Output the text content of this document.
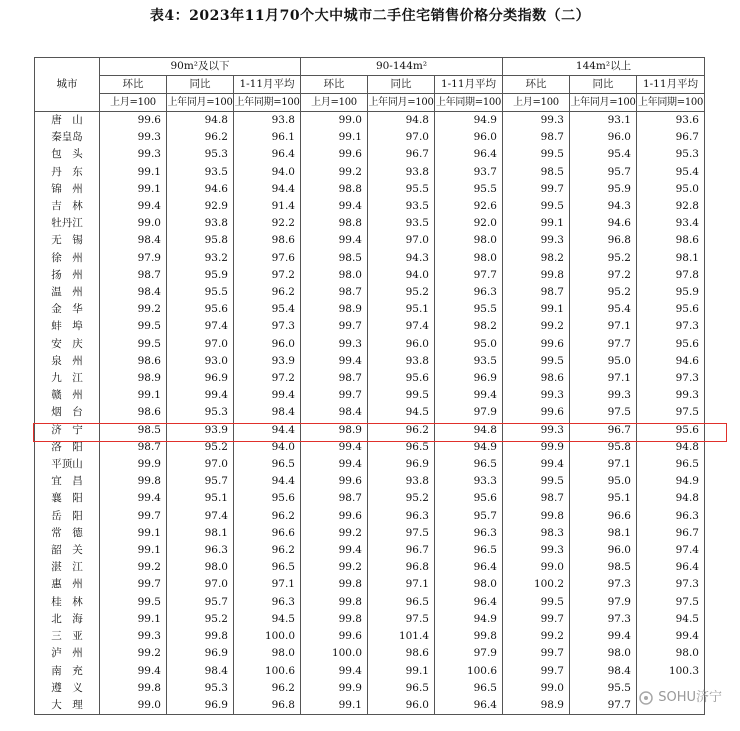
表4：2023年11月70个大中城市二手住宅销售价格分类指数（二）
城市	90m²及以下			90-144m²			144m²以上		
	环比	同比	1-11月平均	环比	同比	1-11月平均	环比	同比	1-11月平均
	上月=100	上年同月=100	上年同期=100	上月=100	上年同月=100	上年同期=100	上月=100	上年同月=100	上年同期=100
唐　山	99.6	94.8	93.8	99.0	94.8	94.9	99.3	93.1	93.6
秦皇岛	99.3	96.2	96.1	99.1	97.0	96.0	98.7	96.0	96.7
包　头	99.3	95.3	96.4	99.6	96.7	96.4	99.5	95.4	95.3
丹　东	99.1	93.5	94.0	99.2	93.8	93.7	98.5	95.7	95.4
锦　州	99.1	94.6	94.4	98.8	95.5	95.5	99.7	95.9	95.0
吉　林	99.4	92.9	91.4	99.4	93.5	92.6	99.5	94.3	92.8
牡丹江	99.0	93.8	92.2	98.8	93.5	92.0	99.1	94.6	93.4
无　锡	98.4	95.8	98.6	99.4	97.0	98.0	99.3	96.8	98.6
徐　州	97.9	93.2	97.6	98.5	94.3	98.0	98.2	95.2	98.1
扬　州	98.7	95.9	97.2	98.0	94.0	97.7	99.8	97.2	97.8
温　州	98.4	95.5	96.2	98.7	95.2	96.3	98.7	95.2	95.9
金　华	99.2	95.6	95.4	98.9	95.1	95.5	99.1	95.4	95.6
蚌　埠	99.5	97.4	97.3	99.7	97.4	98.2	99.2	97.1	97.3
安　庆	99.5	97.0	96.0	99.3	96.0	95.0	99.6	97.7	95.6
泉　州	98.6	93.0	93.9	99.4	93.8	93.5	99.5	95.0	94.6
九　江	98.9	96.9	97.2	98.7	95.6	96.9	98.6	97.1	97.3
赣　州	99.1	99.4	99.4	99.7	99.5	99.4	99.3	99.3	99.3
烟　台	98.6	95.3	98.4	98.4	94.5	97.9	99.6	97.5	97.5
济　宁	98.5	93.9	94.4	98.9	96.2	94.8	99.3	96.7	95.6
洛　阳	98.7	95.2	94.0	99.4	96.5	94.9	99.9	95.8	94.8
平顶山	99.9	97.0	96.5	99.4	96.9	96.5	99.4	97.1	96.5
宜　昌	99.8	95.7	94.4	99.6	93.8	93.3	99.5	95.0	94.9
襄　阳	99.4	95.1	95.6	98.7	95.2	95.6	98.7	95.1	94.8
岳　阳	99.7	97.4	96.2	99.6	96.3	95.7	99.8	96.6	96.3
常　德	99.1	98.1	96.6	99.2	97.5	96.3	98.3	98.1	96.7
韶　关	99.1	96.3	96.2	99.4	96.7	96.5	99.3	96.0	97.4
湛　江	99.2	98.0	96.5	99.2	96.8	96.4	99.0	98.5	96.4
惠　州	99.7	97.0	97.1	99.8	97.1	98.0	100.2	97.3	97.3
桂　林	99.5	95.7	96.3	99.8	96.5	96.4	99.5	97.9	97.5
北　海	99.1	95.2	94.5	99.8	97.5	94.9	99.7	97.3	94.5
三　亚	99.3	99.8	100.0	99.6	101.4	99.8	99.2	99.4	99.4
泸　州	99.2	96.9	98.0	100.0	98.6	97.9	99.7	98.0	98.0
南　充	99.4	98.4	100.6	99.4	99.1	100.6	99.7	98.4	100.3
遵　义	99.8	95.3	96.2	99.9	96.5	96.5	99.0	95.5	
大　理	99.0	96.9	96.8	99.1	96.0	96.4	98.9	97.7		SOHU济宁
